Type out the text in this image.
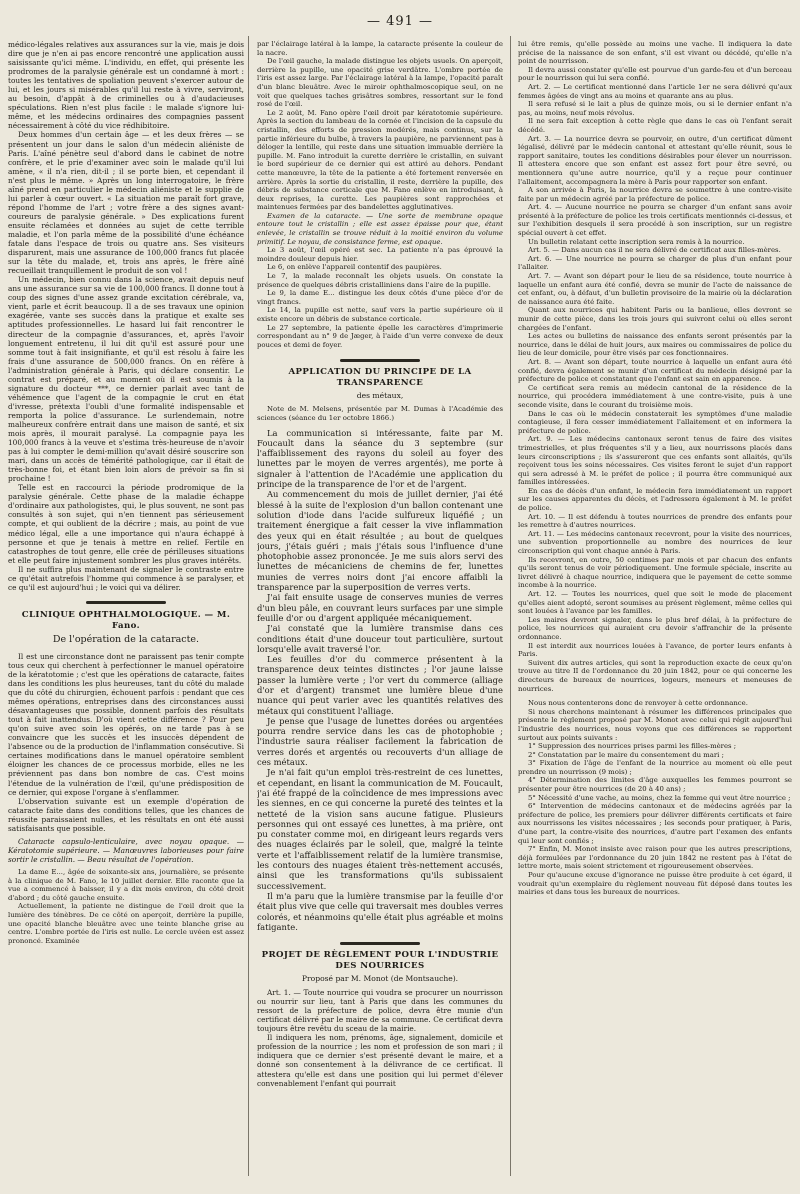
— 491 —

médico-légales relatives aux assurances sur la vie, mais je dois dire que je n'en ai pas encore rencontré une application aussi saisissante qu'ici même. L'individu, en effet, qui présente les prodromes de la paralysie générale est un condamné à mort : toutes les tentatives de spoliation peuvent s'exercer autour de lui, et les jours si misérables qu'il lui reste à vivre, serviront, au besoin, d'appât à de criminelles ou à d'audacieuses spéculations. Rien n'est plus facile : le malade s'ignore lui-même, et les médecins ordinaires des compagnies passent nécessairement à côté du vice rédhibitoire.

Deux hommes d'un certain âge — et les deux frères — se présentent un jour dans le salon d'un médecin aliéniste de Paris. L'aîné pénètre seul d'abord dans le cabinet de notre confrère, et le prie d'examiner avec soin le malade qu'il lui amène, « il n'a rien, dit-il ; il se porte bien, et cependant il n'est plus le même. » Après un long interrogatoire, le frère aîné prend en particulier le médecin aliéniste et le supplie de lui parler à cœur ouvert. « La situation me paraît fort grave, répond l'homme de l'art ; votre frère a des signes avant-coureurs de paralysie générale. » Des explications furent ensuite réclamées et données au sujet de cette terrible maladie, et l'on parla même de la possibilité d'une échéance fatale dans l'espace de trois ou quatre ans. Ses visiteurs disparurent, mais une assurance de 100,000 francs fut placée sur la tête du malade, et, trois ans après, le frère aîné recueillait tranquillement le produit de son vol !

Un médecin, bien connu dans la science, avait depuis neuf ans une assurance sur sa vie de 100,000 francs. Il donne tout à coup des signes d'une assez grande excitation cérébrale, va, vient, parle et écrit beaucoup. Il a de ses travaux une opinion exagérée, vante ses succès dans la pratique et exalte ses aptitudes professionnelles. Le hasard lui fait rencontrer le directeur de la compagnie d'assurances, et, après l'avoir longuement entretenu, il lui dit qu'il est assuré pour une somme tout à fait insignifiante, et qu'il est résolu à faire les frais d'une assurance de 500,000 francs. On en réfère à l'administration générale à Paris, qui déclare consentir. Le contrat est préparé, et au moment où il est soumis à la signature du docteur ***, ce dernier parlait avec tant de véhémence que l'agent de la compagnie le crut en état d'ivresse, prétexta l'oubli d'une formalité indispensable et remporta la police d'assurance. Le surlendemain, notre malheureux confrère entrait dans une maison de santé, et six mois après, il mourait paralysé. La compagnie paya les 100,000 francs à la veuve et s'estima très-heureuse de n'avoir pas à lui compter le demi-million qu'avait désiré souscrire son mari, dans un accès de témérité pathologique, car il était de très-bonne foi, et étant bien loin alors de prévoir sa fin si prochaine !

Telle est en raccourci la période prodromique de la paralysie générale. Cette phase de la maladie échappe d'ordinaire aux pathologistes, qui, le plus souvent, ne sont pas consultés à son sujet, qui n'en tiennent pas sérieusement compte, et qui oublient de la décrire ; mais, au point de vue médico légal, elle a une importance qui n'aura échappé à personne et que je tenais à mettre en relief. Fertile en catastrophes de tout genre, elle crée de périlleuses situations et elle peut faire injustement sombrer les plus graves intérêts.

Il ne suffira plus maintenant de signaler le contraste entre ce qu'était autrefois l'homme qui commence à se paralyser, et ce qu'il est aujourd'hui ; le voici qui va délirer.

CLINIQUE OPHTHALMOLOGIQUE. — M. Fano.
De l'opération de la cataracte.

Il est une circonstance dont ne paraissent pas tenir compte tous ceux qui cherchent à perfectionner le manuel opératoire de la kératotomie ; c'est que les opérations de cataracte, faites dans les conditions les plus heureuses, tant du côté du malade que du côté du chirurgien, échouent parfois : pendant que ces mêmes opérations, entreprises dans des circonstances aussi désavantageuses que possible, donnent parfois des résultats tout à fait inattendus. D'où vient cette différence ? Pour peu qu'on suive avec soin les opérés, on ne tarde pas à se convaincre que les succès et les insuccès dépendent de l'absence ou de la production de l'inflammation consécutive. Si certaines modifications dans le manuel opératoire semblent éloigner les chances de ce processus morbide, elles ne les préviennent pas dans bon nombre de cas. C'est moins l'étendue de la vulnération de l'œil, qu'une prédisposition de ce dernier, qui expose l'organe à s'enflammer.

L'observation suivante est un exemple d'opération de cataracte faite dans des conditions telles, que les chances de réussite paraissaient nulles, et les résultats en ont été aussi satisfaisants que possible.

Cataracte capsulo-lenticulaire, avec noyau opaque. — Kératotomie supérieure. — Manœuvres laborieuses pour faire sortir le cristallin. — Beau résultat de l'opération.

La dame E..., âgée de soixante-six ans, journalière, se présente à la clinique de M. Fano, le 10 juillet dernier. Elle raconte que la vue a commencé à baisser, il y a dix mois environ, du côté droit d'abord ; du côté gauche ensuite.

Actuellement, la patiente ne distingue de l'œil droit que la lumière des ténèbres. De ce côté on aperçoit, derrière la pupille, une opacité blanche bleuâtre avec une teinte blanche grise au centre. L'ombre portée de l'iris est nulle. Le cercle uvéen est assez prononcé. Examinée

par l'éclairage latéral à la lampe, la cataracte présente la couleur de la nacre.

De l'œil gauche, la malade distingue les objets usuels. On aperçoit, derrière la pupille, une opacité grise verdâtre. L'ombre portée de l'iris est assez large. Par l'éclairage latéral à la lampe, l'opacité paraît d'un blanc bleuâtre. Avec le miroir ophthalmoscopique seul, on ne voit que quelques taches grisâtres sombres, ressortant sur le fond rosé de l'œil.

Le 2 août, M. Fano opère l'œil droit par kératotomie supérieure. Après la section du lambeau de la cornée et l'incision de la capsule du cristallin, des efforts de pression modérés, mais continus, sur la partie inférieure du bulbe, à travers la paupière, ne parviennent pas à déloger la lentille, qui reste dans une situation immuable derrière la pupille. M. Fano introduit la curette derrière le cristallin, en suivant le bord supérieur de ce dernier qui est attiré au dehors. Pendant cette manœuvre, la tête de la patiente a été fortement renversée en arrière. Après la sortie du cristallin, il reste, derrière la pupille, des débris de substance corticale que M. Fano enlève en introduisant, à deux reprises, la curette. Les paupières sont rapprochées et maintenues fermées par des bandelettes agglutinatives.

Examen de la cataracte. — Une sorte de membrane opaque entoure tout le cristallin ; elle est assez épaisse pour que, étant enlevée, le cristallin se trouve réduit à la moitié environ du volume primitif. Le noyau, de consistance ferme, est opaque.

Le 3 août, l'œil opéré est sec. La patiente n'a pas éprouvé la moindre douleur depuis hier.

Le 6, on enlève l'appareil contentif des paupières.

Le 7, la malade reconnaît les objets usuels. On constate la présence de quelques débris cristalliniens dans l'aire de la pupille.

Le 9, la dame E... distingue les deux côtés d'une pièce d'or de vingt francs.

Le 14, la pupille est nette, sauf vers la partie supérieure où il existe encore un débris de substance corticale.

Le 27 septembre, la patiente épelle les caractères d'imprimerie correspondant au n° 9 de Jæger, à l'aide d'un verre convexe de deux pouces et demi de foyer.

APPLICATION DU PRINCIPE DE LA TRANSPARENCE
des métaux,

Note de M. Melsens, présentée par M. Dumas à l'Académie des sciences (séance du 1er octobre 1866.)

La communication si intéressante, faite par M. Foucault dans la séance du 3 septembre (sur l'affaiblissement des rayons du soleil au foyer des lunettes par le moyen de verres argentés), me porte à signaler à l'attention de l'Académie une application du principe de la transparence de l'or et de l'argent.

Au commencement du mois de juillet dernier, j'ai été blessé à la suite de l'explosion d'un ballon contenant une solution d'iode dans l'acide sulfureux liquéfié ; un traitement énergique a fait cesser la vive inflammation des yeux qui en était résultée ; au bout de quelques jours, j'étais guéri ; mais j'étais sous l'influence d'une photophobie assez prononcée. Je me suis alors servi des lunettes de mécaniciens de chemins de fer, lunettes munies de verres noirs dont j'ai encore affaibli la transparence par la superposition de verres verts.

J'ai fait ensuite usage de conserves munies de verres d'un bleu pâle, en couvrant leurs surfaces par une simple feuille d'or ou d'argent appliquée mécaniquement.

J'ai constaté que la lumière transmise dans ces conditions était d'une douceur tout particulière, surtout lorsqu'elle avait traversé l'or.

Les feuilles d'or du commerce présentent à la transparence deux teintes distinctes ; l'or jaune laisse passer la lumière verte ; l'or vert du commerce (alliage d'or et d'argent) transmet une lumière bleue d'une nuance qui peut varier avec les quantités relatives des métaux qui constituent l'alliage.

Je pense que l'usage de lunettes dorées ou argentées pourra rendre service dans les cas de photophobie ; l'industrie saura réaliser facilement la fabrication de verres dorés et argentés ou recouverts d'un alliage de ces métaux.

Je n'ai fait qu'un emploi très-restreint de ces lunettes, et cependant, en lisant la communication de M. Foucault, j'ai été frappé de la coïncidence de mes impressions avec les siennes, en ce qui concerne la pureté des teintes et la netteté de la vision sans aucune fatigue. Plusieurs personnes qui ont essayé ces lunettes, à ma prière, ont pu constater comme moi, en dirigeant leurs regards vers des nuages éclairés par le soleil, que, malgré la teinte verte et l'affaiblissement relatif de la lumière transmise, les contours des nuages étaient très-nettement accusés, ainsi que les transformations qu'ils subissaient successivement.

Il m'a paru que la lumière transmise par la feuille d'or était plus vive que celle qui traversait mes doubles verres colorés, et néanmoins qu'elle était plus agréable et moins fatigante.

PROJET DE RÈGLEMENT POUR L'INDUSTRIE DES NOURRICES
Proposé par M. Monot (de Montsauche).

Art. 1. — Toute nourrice qui voudra se procurer un nourrisson ou nourrir sur lieu, tant à Paris que dans les communes du ressort de la préfecture de police, devra être munie d'un certificat délivré par le maire de sa commune. Ce certificat devra toujours être revêtu du sceau de la mairie.

Il indiquera les nom, prénoms, âge, signalement, domicile et profession de la nourrice ; les nom et profession de son mari ; il indiquera que ce dernier s'est présenté devant le maire, et a donné son consentement à la délivrance de ce certificat. Il attestera qu'elle est dans une position qui lui permet d'élever convenablement l'enfant qui pourrait

lui être remis, qu'elle possède au moins une vache. Il indiquera la date précise de la naissance de son enfant, s'il est vivant ou décédé, qu'elle n'a point de nourrisson.

Il devra aussi constater qu'elle est pourvue d'un garde-feu et d'un berceau pour le nourrisson qui lui sera confié.

Art. 2. — Le certificat mentionné dans l'article 1er ne sera délivré qu'aux femmes âgées de vingt ans au moins et quarante ans au plus.

Il sera refusé si le lait a plus de quinze mois, ou si le dernier enfant n'a pas, au moins, neuf mois révolus.

Il ne sera fait exception à cette règle que dans le cas où l'enfant serait décédé.

Art. 3. — La nourrice devra se pourvoir, en outre, d'un certificat dûment légalisé, délivré par le médecin cantonal et attestant qu'elle réunit, sous le rapport sanitaire, toutes les conditions désirables pour élever un nourrisson. Il attestera encore que son enfant est assez fort pour être sevré, ou mentionnera qu'une autre nourrice, qu'il y a reçue pour continuer l'allaitement, accompagnera la mère à Paris pour rapporter son enfant.

A son arrivée à Paris, la nourrice devra se soumettre à une contre-visite faite par un médecin agréé par la préfecture de police.

Art. 4. — Aucune nourrice ne pourra se charger d'un enfant sans avoir présenté à la préfecture de police les trois certificats mentionnés ci-dessus, et sur l'exhibition desquels il sera procédé à son inscription, sur un registre spécial ouvert à cet effet.

Un bulletin relatant cette inscription sera remis à la nourrice.

Art. 5. — Dans aucun cas il ne sera délivré de certificat aux filles-mères.

Art. 6. — Une nourrice ne pourra se charger de plus d'un enfant pour l'allaiter.

Art. 7. — Avant son départ pour le lieu de sa résidence, toute nourrice à laquelle un enfant aura été confié, devra se munir de l'acte de naissance de cet enfant, ou, à défaut, d'un bulletin provisoire de la mairie où la déclaration de naissance aura été faite.

Quant aux nourrices qui habitent Paris ou la banlieue, elles devront se munir de cette pièce, dans les trois jours qui suivront celui où elles seront chargées de l'enfant.

Les actes ou bulletins de naissance des enfants seront présentés par la nourrice, dans le délai de huit jours, aux maires ou commissaires de police du lieu de leur domicile, pour être visés par ces fonctionnaires.

Art. 8. — Avant son départ, toute nourrice à laquelle un enfant aura été confié, devra également se munir d'un certificat du médecin désigné par la préfecture de police et constatant que l'enfant est sain en apparence.

Ce certificat sera remis au médecin cantonal de la résidence de la nourrice, qui procédera immédiatement à une contre-visite, puis à une seconde visite, dans le courant du troisième mois.

Dans le cas où le médecin constaterait les symptômes d'une maladie contagieuse, il fera cesser immédiatement l'allaitement et en informera la préfecture de police.

Art. 9. — Les médecins cantonaux seront tenus de faire des visites trimestrielles, et plus fréquentes s'il y a lieu, aux nourrissons placés dans leurs circonscriptions ; ils s'assureront que ces enfants sont allaités, qu'ils reçoivent tous les soins nécessaires. Ces visites feront le sujet d'un rapport qui sera adressé à M. le préfet de police ; il pourra être communiqué aux familles intéressées.

En cas de décès d'un enfant, le médecin fera immédiatement un rapport sur les causes apparentes du décès, et l'adressera également à M. le préfet de police.

Art. 10. — Il est défendu à toutes nourrices de prendre des enfants pour les remettre à d'autres nourrices.

Art. 11. — Les médecins cantonaux recevront, pour la visite des nourrices, une subvention proportionnelle au nombre des nourrices de leur circonscription qui vont chaque année à Paris.

Ils recevront, en outre, 50 centimes par mois et par chacun des enfants qu'ils seront tenus de voir périodiquement. Une formule spéciale, inscrite au livret délivré à chaque nourrice, indiquera que le payement de cette somme incombe à la nourrice.

Art. 12. — Toutes les nourrices, quel que soit le mode de placement qu'elles aient adopté, seront soumises au présent règlement, même celles qui sont louées à l'avance par les familles.

Les maires devront signaler, dans le plus bref délai, à la préfecture de police, les nourrices qui auraient cru devoir s'affranchir de la présente ordonnance.

Il est interdit aux nourrices louées à l'avance, de porter leurs enfants à Paris.

Suivent dix autres articles, qui sont la reproduction exacte de ceux qu'on trouve au titre II de l'ordonnance du 20 juin 1842, pour ce qui concerne les directeurs de bureaux de nourrices, logeurs, meneurs et meneuses de nourrices.

Nous nous contenterons donc de renvoyer à cette ordonnance.

Si nous cherchons maintenant à résumer les différences principales que présente le règlement proposé par M. Monot avec celui qui régit aujourd'hui l'industrie des nourrices, nous voyons que ces différences se rapportent surtout aux points suivants :

1° Suppression des nourrices prises parmi les filles-mères ;

2° Constatation par le maire du consentement du mari ;

3° Fixation de l'âge de l'enfant de la nourrice au moment où elle peut prendre un nourrisson (9 mois) ;

4° Détermination des limites d'âge auxquelles les femmes pourront se présenter pour être nourrices (de 20 à 40 ans) ;

5° Nécessité d'une vache, au moins, chez la femme qui veut être nourrice ;

6° Intervention de médecins cantonaux et de médecins agréés par la préfecture de police, les premiers pour délivrer différents certificats et faire aux nourrissons les visites nécessaires ; les seconds pour pratiquer, à Paris, d'une part, la contre-visite des nourrices, d'autre part l'examen des enfants qui leur sont confiés ;

7° Enfin, M. Monot insiste avec raison pour que les autres prescriptions, déjà formulées par l'ordonnance du 20 juin 1842 ne restent pas à l'état de lettre morte, mais soient strictement et rigoureusement observées.

Pour qu'aucune excuse d'ignorance ne puisse être produite à cet égard, il voudrait qu'un exemplaire du règlement nouveau fût déposé dans toutes les mairies et dans tous les bureaux de nourrices.
